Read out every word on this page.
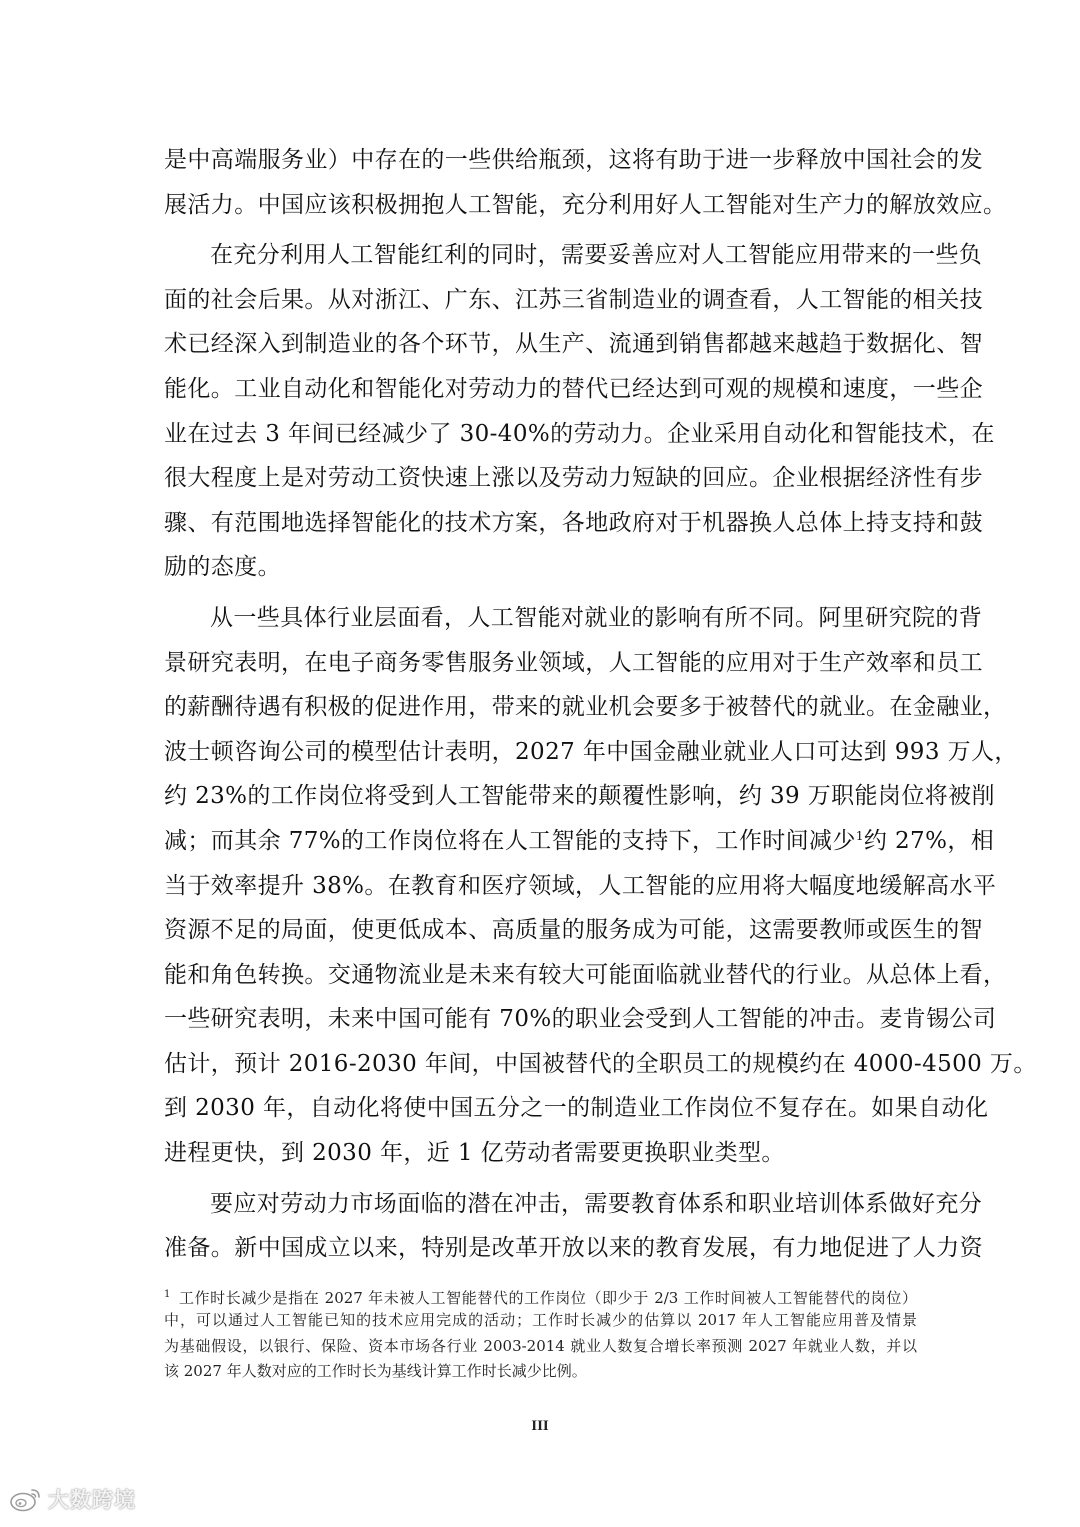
是中高端服务业）中存在的一些供给瓶颈，这将有助于进一步释放中国社会的发
展活力。中国应该积极拥抱人工智能，充分利用好人工智能对生产力的解放效应。
在充分利用人工智能红利的同时，需要妥善应对人工智能应用带来的一些负
面的社会后果。从对浙江、广东、江苏三省制造业的调查看，人工智能的相关技
术已经深入到制造业的各个环节，从生产、流通到销售都越来越趋于数据化、智
能化。工业自动化和智能化对劳动力的替代已经达到可观的规模和速度，一些企
业在过去 3 年间已经减少了 30-40%的劳动力。企业采用自动化和智能技术，在
很大程度上是对劳动工资快速上涨以及劳动力短缺的回应。企业根据经济性有步
骤、有范围地选择智能化的技术方案，各地政府对于机器换人总体上持支持和鼓
励的态度。
从一些具体行业层面看，人工智能对就业的影响有所不同。阿里研究院的背
景研究表明，在电子商务零售服务业领域，人工智能的应用对于生产效率和员工
的薪酬待遇有积极的促进作用，带来的就业机会要多于被替代的就业。在金融业，
波士顿咨询公司的模型估计表明，2027 年中国金融业就业人口可达到 993 万人，
约 23%的工作岗位将受到人工智能带来的颠覆性影响，约 39 万职能岗位将被削
减；而其余 77%的工作岗位将在人工智能的支持下，工作时间减少$^1$约 27%，相
当于效率提升 38%。在教育和医疗领域，人工智能的应用将大幅度地缓解高水平
资源不足的局面，使更低成本、高质量的服务成为可能，这需要教师或医生的智
能和角色转换。交通物流业是未来有较大可能面临就业替代的行业。从总体上看，
一些研究表明，未来中国可能有 70%的职业会受到人工智能的冲击。麦肯锡公司
估计，预计 2016-2030 年间，中国被替代的全职员工的规模约在 4000-4500 万。
到 2030 年，自动化将使中国五分之一的制造业工作岗位不复存在。如果自动化
进程更快，到 2030 年，近 1 亿劳动者需要更换职业类型。
要应对劳动力市场面临的潜在冲击，需要教育体系和职业培训体系做好充分
准备。新中国成立以来，特别是改革开放以来的教育发展，有力地促进了人力资
$^1$ 工作时长减少是指在 2027 年未被人工智能替代的工作岗位（即少于 2/3 工作时间被人工智能替代的岗位）
中，可以通过人工智能已知的技术应用完成的活动；工作时长减少的估算以 2017 年人工智能应用普及情景
为基础假设，以银行、保险、资本市场各行业 2003-2014 就业人数复合增长率预测 2027 年就业人数，并以
该 2027 年人数对应的工作时长为基线计算工作时长减少比例。
III
大数跨境
